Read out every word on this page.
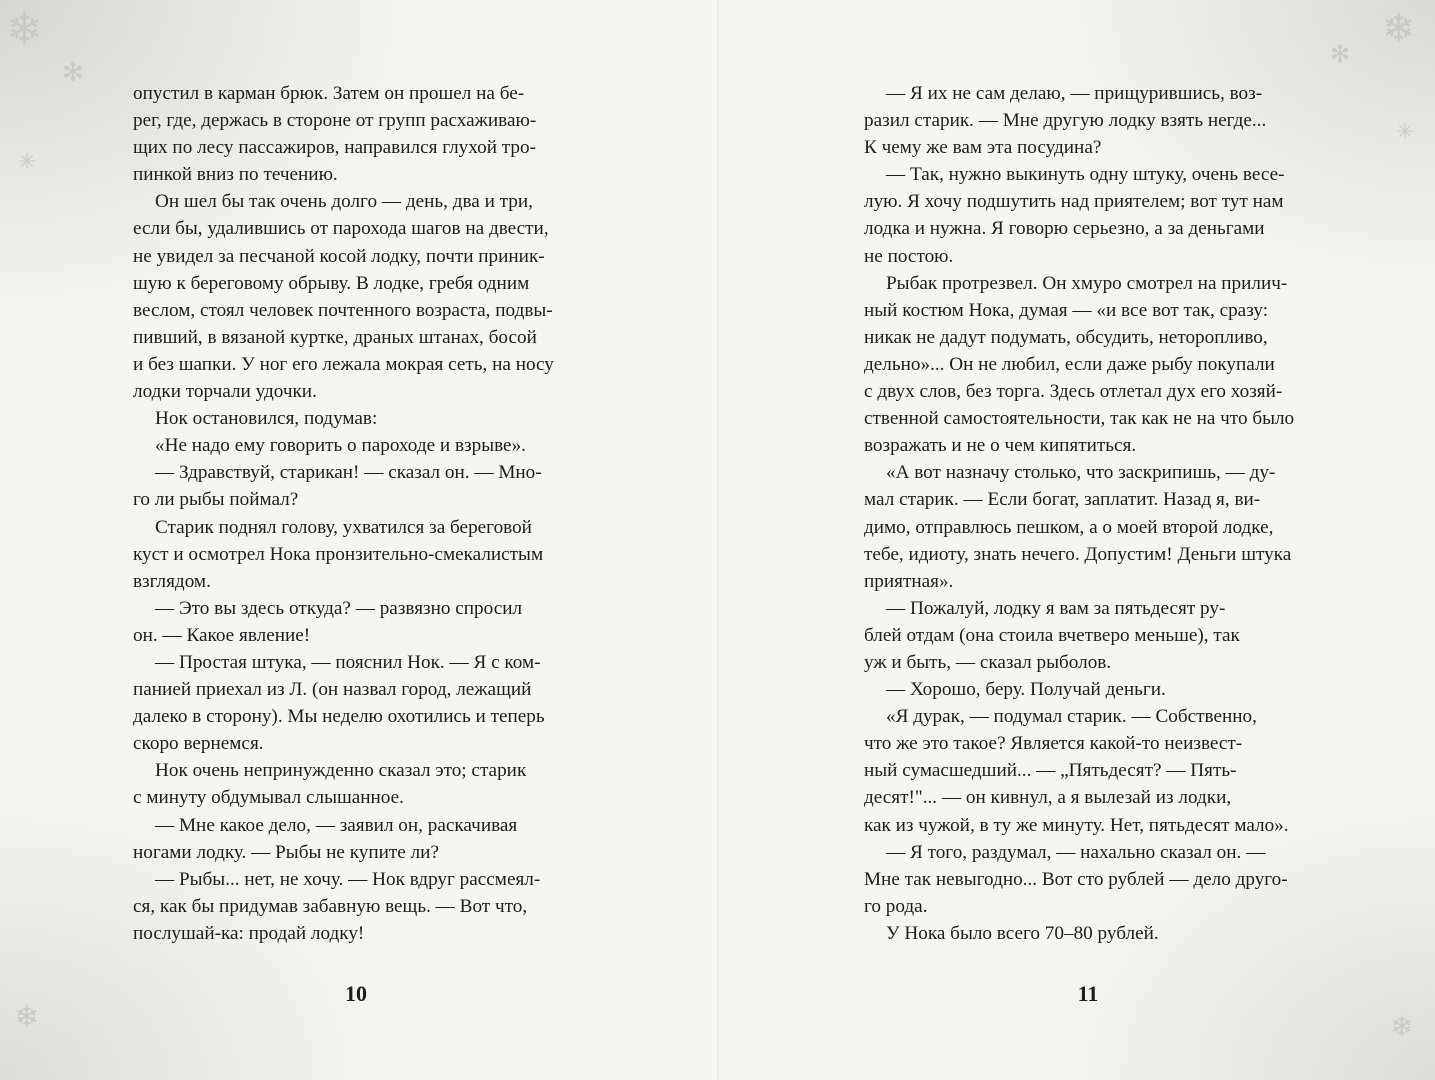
❄
✻
✳
❄
✻
✳
❄	❄

опустил в карман брюк. Затем он прошел на бе-

рег, где, держась в стороне от групп расхаживаю-

щих по лесу пассажиров, направился глухой тро-

пинкой вниз по течению.

Он шел бы так очень долго — день, два и три,

если бы, удалившись от парохода шагов на двести,

не увидел за песчаной косой лодку, почти приник-

шую к береговому обрыву. В лодке, гребя одним

веслом, стоял человек почтенного возраста, подвы-

пивший, в вязаной куртке, драных штанах, босой

и без шапки. У ног его лежала мокрая сеть, на носу

лодки торчали удочки.

Нок остановился, подумав:

«Не надо ему говорить о пароходе и взрыве».

— Здравствуй, старикан! — сказал он. — Мно-

го ли рыбы поймал?

Старик поднял голову, ухватился за береговой

куст и осмотрел Нока пронзительно-смекалистым

взглядом.

— Это вы здесь откуда? — развязно спросил

он. — Какое явление!

— Простая штука, — пояснил Нок. — Я с ком-

панией приехал из Л. (он назвал город, лежащий

далеко в сторону). Мы неделю охотились и теперь

скоро вернемся.

Нок очень непринужденно сказал это; старик

с минуту обдумывал слышанное.

— Мне какое дело, — заявил он, раскачивая

ногами лодку. — Рыбы не купите ли?

— Рыбы... нет, не хочу. — Нок вдруг рассмеял-

ся, как бы придумав забавную вещь. — Вот что,

послушай-ка: продай лодку!

— Я их не сам делаю, — прищурившись, воз-

разил старик. — Мне другую лодку взять негде...

К чему же вам эта посудина?

— Так, нужно выкинуть одну штуку, очень весе-

лую. Я хочу подшутить над приятелем; вот тут нам

лодка и нужна. Я говорю серьезно, а за деньгами

не постою.

Рыбак протрезвел. Он хмуро смотрел на прилич-

ный костюм Нока, думая — «и все вот так, сразу:

никак не дадут подумать, обсудить, неторопливо,

дельно»... Он не любил, если даже рыбу покупали

с двух слов, без торга. Здесь отлетал дух его хозяй-

ственной самостоятельности, так как не на что было

возражать и не о чем кипятиться.

«А вот назначу столько, что заскрипишь, — ду-

мал старик. — Если богат, заплатит. Назад я, ви-

димо, отправлюсь пешком, а о моей второй лодке,

тебе, идиоту, знать нечего. Допустим! Деньги штука

приятная».

— Пожалуй, лодку я вам за пятьдесят ру-

блей отдам (она стоила вчетверо меньше), так

уж и быть, — сказал рыболов.

— Хорошо, беру. Получай деньги.

«Я дурак, — подумал старик. — Собственно,

что же это такое? Является какой-то неизвест-

ный сумасшедший... — „Пятьдесят? — Пять-

десят!"... — он кивнул, а я вылезай из лодки,

как из чужой, в ту же минуту. Нет, пятьдесят мало».

— Я того, раздумал, — нахально сказал он. —

Мне так невыгодно... Вот сто рублей — дело друго-

го рода.

У Нока было всего 70–80 рублей.

10	11
